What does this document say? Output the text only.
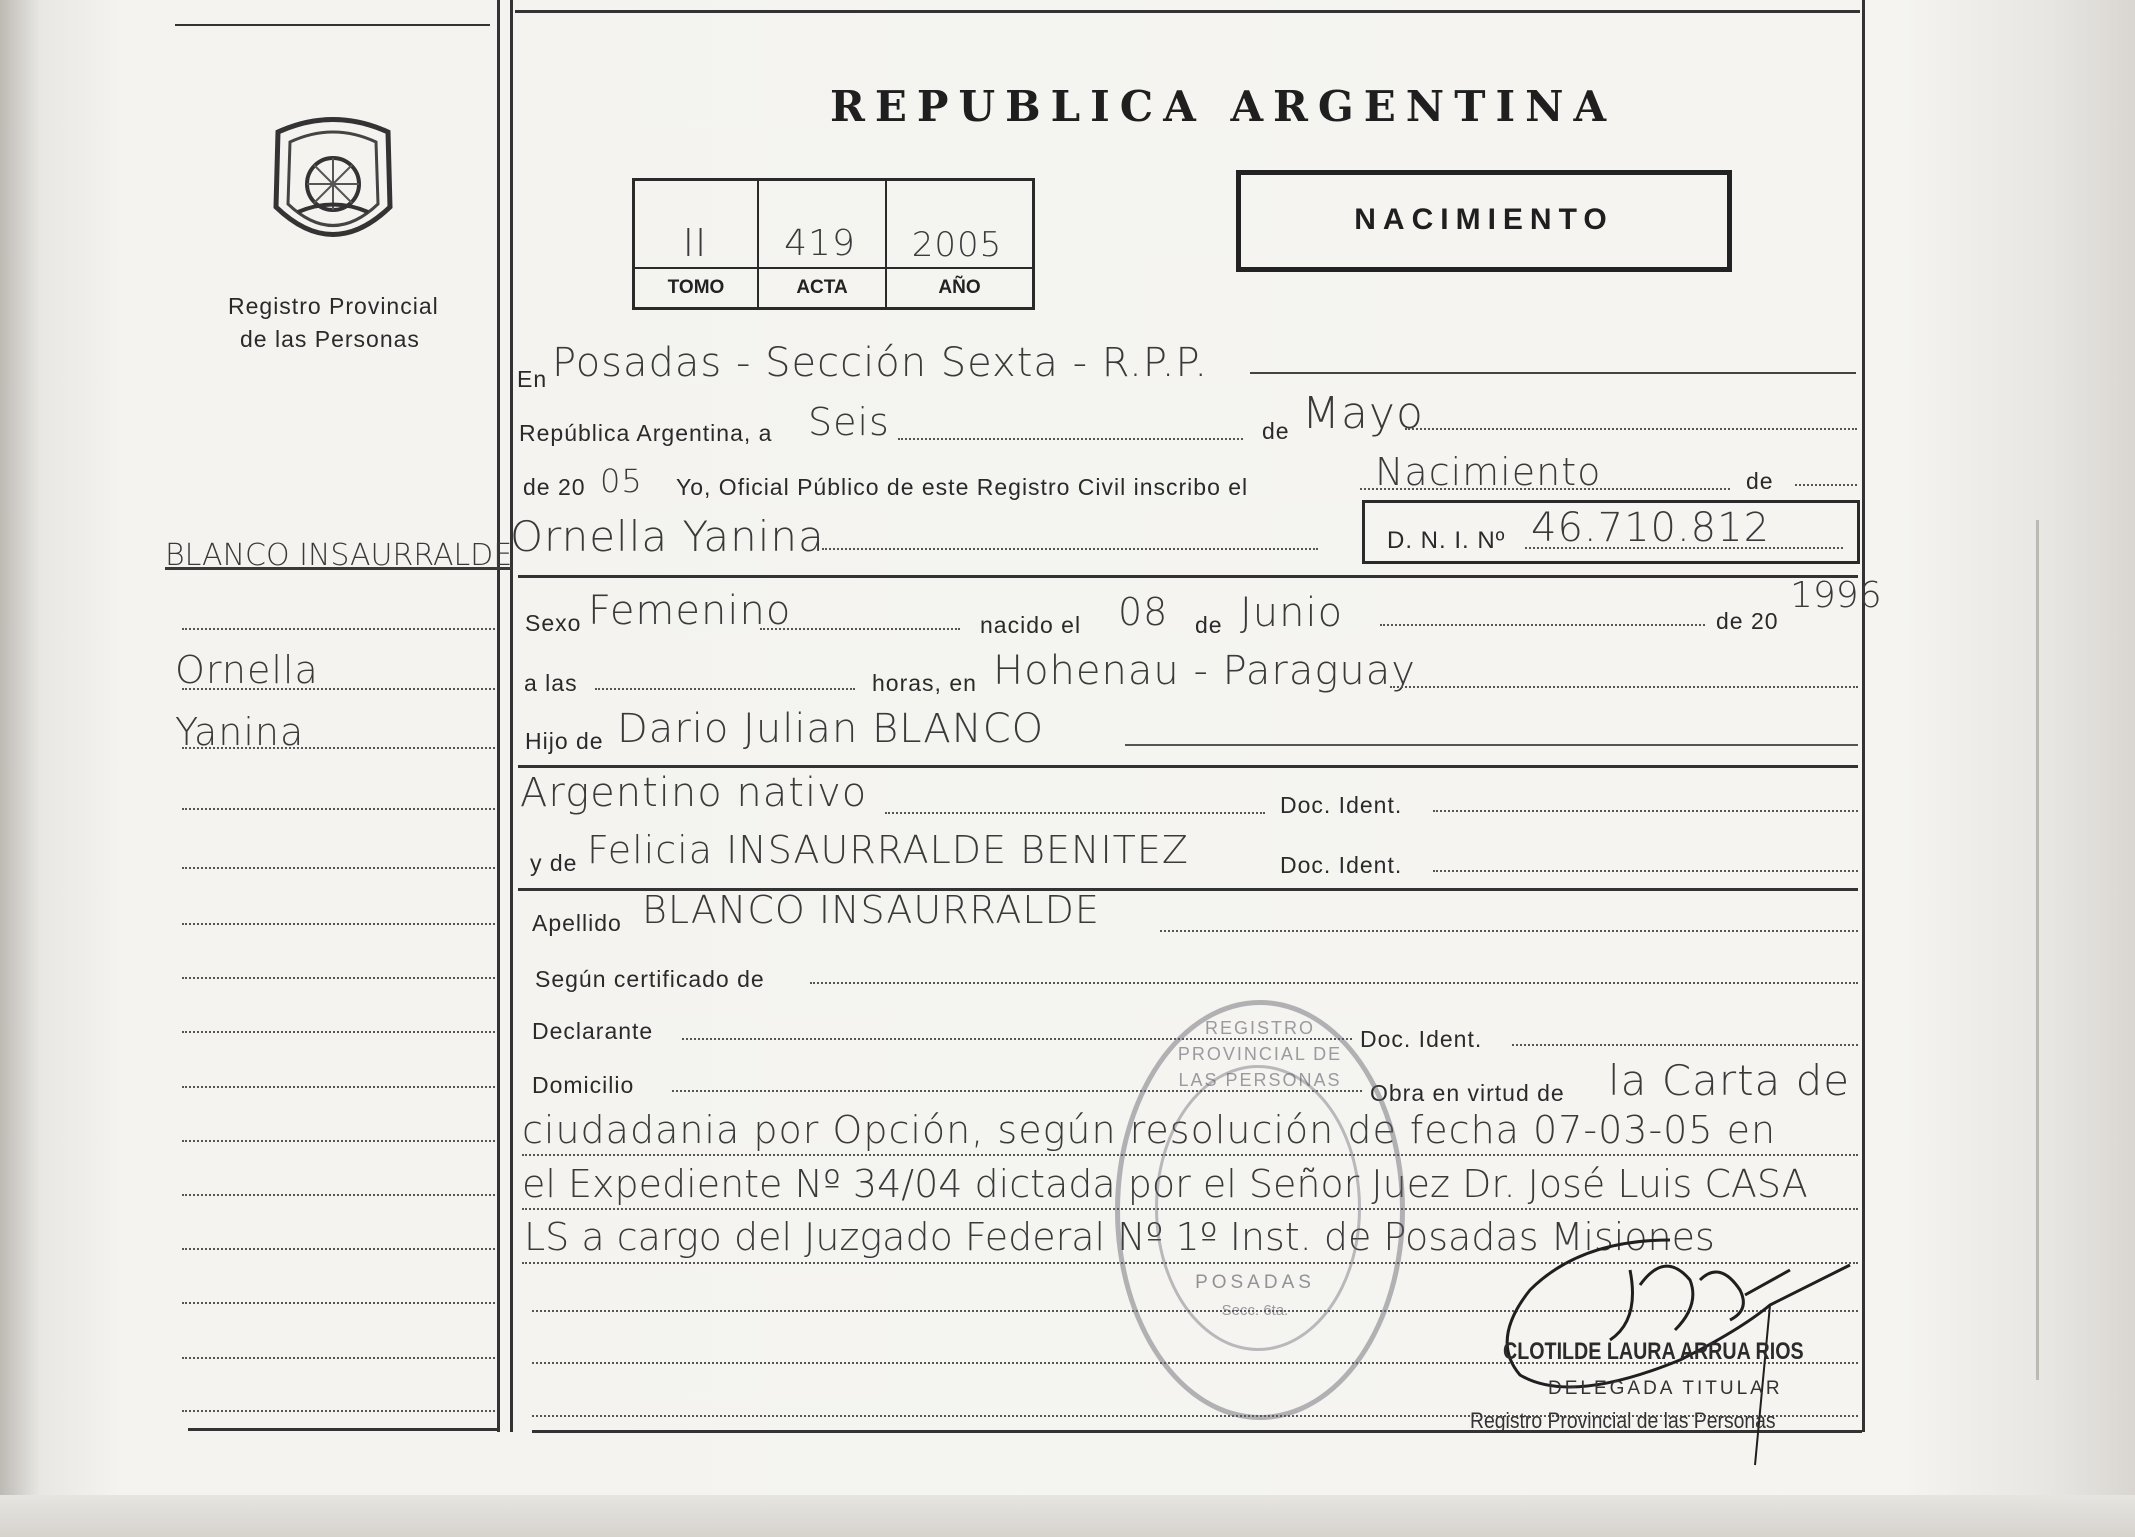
Registro Provincial
de las Personas
REPUBLICA ARGENTINA
II	419	2005
TOMO	ACTA	AÑO
NACIMIENTO
BLANCO INSAURRALDE
Ornella
Yanina
En Posadas - Sección Sexta - R.P.P.
República Argentina, a Seis	de Mayo
de 20 05 Yo, Oficial Público de este Registro Civil inscribo el	Nacimiento	de
Ornella Yanina	D. N. I. Nº 46.710.812
Sexo Femenino	nacido el 08 de Junio	de 20
1996
a las	horas, en Hohenau - Paraguay
Hijo de Dario Julian BLANCO
Argentino nativo	Doc. Ident.
y de Felicia INSAURRALDE BENITEZ	Doc. Ident.
Apellido BLANCO INSAURRALDE
Según certificado de
Declarante	Doc. Ident.
Domicilio	Obra en virtud de la Carta de
ciudadania por Opción, según resolución de fecha 07-03-05 en
el Expediente Nº 34/04 dictada por el Señor Juez Dr. José Luis CASA
LS a cargo del Juzgado Federal Nº 1º Inst. de Posadas Misiones
REGISTRO PROVINCIAL DE LAS PERSONAS
POSADAS
Secc. 6ta.
CLOTILDE LAURA ARRUA RIOS
DELEGADA TITULAR
Registro Provincial de las Personas
